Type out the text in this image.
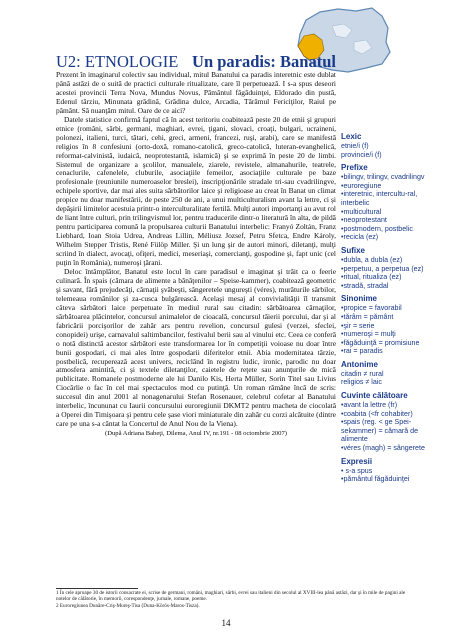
U2: ETNOLOGIE Un paradis: Banatul

Prezent în imaginarul colectiv sau individual, mitul Banatului ca paradis interetnic este dublat până astăzi de o suită de practici culturale ritualizate, care îl perpetuează. I s-a spus deseori acestei provincii Terra Nova, Mundus Novus, Pământul făgăduinţei, Eldorado din pustă, Edenul târziu, Minunata grădină, Grădina dulce, Arcadia, Tărâmul Fericiţilor, Raiul pe pământ. Să nuanţăm mitul. Oare de ce aici?

Datele statistice confirmă faptul că în acest teritoriu coabitează peste 20 de etnii şi grupuri etnice (români, sârbi, germani, maghiari, evrei, ţigani, slovaci, croaţi, bulgari, ucraineni, polonezi, italieni, turci, tătari, cehi, greci, armeni, francezi, ruşi, arabi), care se manifestă religios în 8 confesiuni (orto-doxă, romano-catolică, greco-catolică, luteran-evanghelică, reformat-calvinistă, iudaică, neoprotestantă, islamică) şi se exprimă în peste 20 de limbi. Sistemul de organizare a şcolilor, manualele, ziarele, revistele, almanahurile, teatrele, cenaclurile, cafenelele, cluburile, asociaţiile femeilor, asociaţiile culturale pe baze profesionale (reuniunile numeroaselor breslei), inscripţionările stradale tri-sau cvadrilingve, echipele sportive, dar mai ales suita sărbătorilor laice şi religioase au creat în Banat un climat propice nu doar manifestării, de peste 250 de ani, a unui multiculturalism avant la lettre, ci şi depăşirii limitelor acestuia printr-o interculturalitate fertilă. Mulţi autori importanţi au avut rol de liant între culturi, prin trilingvismul lor, pentru traducerile dintr-o literatură în alta, de pildă pentru participarea comună la propulsarea culturii Banatului interbelic: Franyó Zoltán, Franz Liebhard, Ioan Stoia Udrea, Andreas Lillin, Méliusz Jozsef, Petru Sfetca, Endre Károly, Wilhelm Stepper Tristis, René Fülöp Miller. Şi un lung şir de autori minori, diletanţi, mulţi scriind în dialect, avocaţi, ofiţeri, medici, meseriaşi, comercianţi, gospodine şi, fapt unic (cel puţin în România), numeroşi ţărani.

Deloc întâmplător, Banatul este locul în care paradisul e imaginat şi trăit ca o feerie culinară. În spais (cămara de alimente a bănăţenilor – Speise-kammer), coabitează geometric şi savant, fără prejudecăţi, cârnaţii şvăbeşti, sângeretele ungureşti (véres), murăturile sârbilor, telemeaua românilor şi za-cusca bulgărească. Acelaşi mesaj al convivialităţii îl transmit câteva sărbători laice perpetuate în mediul rural sau citadin: sărbătoarea cârnaţilor, sărbătoarea plăcintelor, concursul animalelor de cioacală, concursul tăierii porcului, dar şi al fabricării porcişorilor de zahăr ars pentru revelion, concursul gulesi (verzei, sfeclei, conopidei) urişe, carnavalul saltimbancilor, festivalul berii sau al vinului etc. Ceea ce conferă o notă distinctă acestor sărbători este transformarea lor în competiţii voioase nu doar între bunii gospodari, ci mai ales între gospodarii diferitelor etnii. Abia modernitatea târzie, postbelică, recuperează acest univers, reciclând în registru ludic, ironic, parodic nu doar atmosfera amintită, ci şi textele diletanţilor, caietele de reţete sau anunţurile de mică publicitate. Romanele postmoderne ale lui Danilo Kis, Herta Müller, Sorin Titel sau Livius Ciocârlie o fac în cel mai spectaculos mod cu putinţă. Un roman rămâne încă de scris: succesul din anul 2001 al nonagenarului Stefan Rosenauer, celebrul cofetar al Banatului interbelic, încununat cu Iaurii concursului euroregiunii DKMT2 pentru macheta de ciocolată a Operei din Timişoara şi pentru cele şase viori miniaturale din zahăr cu corzi alcătuite (dintre care pe una s-a cântat la Concertul de Anul Nou de la Viena).

(După Adriana Babeţi, Dilema, Anul IV, nr.191 - 08 octombrie 2007)

Lexic

etnie/i (f)

provincie/i (f)

Prefixe

•bilingv, trilingv, cvadrilingv

•euroregiune

•interetnic, intercultu-ral, interbelic

•multicultural

•neoprotestant

•postmodern, postbelic

•recicla (ez)

Sufixe

•dubla, a dubla (ez)

•perpetuu, a perpetua (ez)

•ritual, ritualiza (ez)

•stradă, stradal

Sinonime

•propice = favorabil

•tărâm = pământ

•şir = serie

•numeroşi = mulţi

•făgăduinţă = promisiune

•rai = paradis

Antonime

citadin ≠ rural

religios ≠ laic

Cuvinte călătoare

•avant la lettre (fr)

•coabita (<fr cohabiter)

•spais (reg. < ge Spei-sekammer) = cămară de alimente

•véres (magh) = sângerete

Expresii

• s-a spus

•pământul făgăduinţei

1 În cele aproape 30 de istorii consacrate ei, scrise de germani, români, maghiari, sârbi, evrei sau italieni din secolul al XVIII-lea până astăzi, dar şi în mile de pagini ale notelor de călătorie, în memorii, corespondenţe, jurnale, romane, poeme.

2 Euroregiunea Dunăre-Criş-Mureş-Tisa (Duna-Körös-Maros-Tisza).

14
